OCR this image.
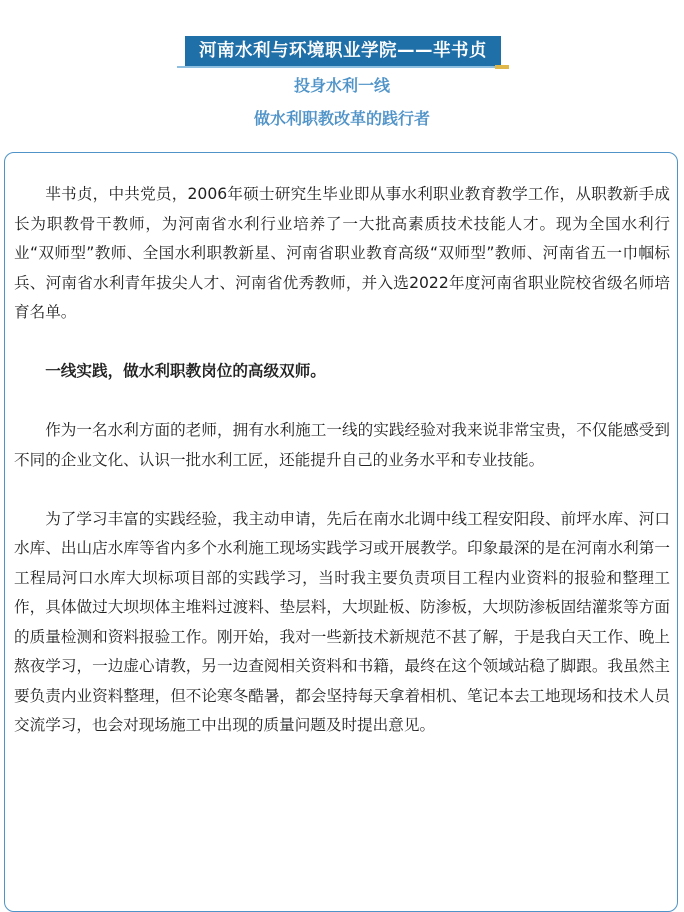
河南水利与环境职业学院——芈书贞
投身水利一线
做水利职教改革的践行者

芈书贞，中共党员，2006年硕士研究生毕业即从事水利职业教育教学工作，从职教新手成长为职教骨干教师，为河南省水利行业培养了一大批高素质技术技能人才。现为全国水利行业“双师型”教师、全国水利职教新星、河南省职业教育高级“双师型”教师、河南省五一巾帼标兵、河南省水利青年拔尖人才、河南省优秀教师，并入选2022年度河南省职业院校省级名师培育名单。

一线实践，做水利职教岗位的高级双师。

作为一名水利方面的老师，拥有水利施工一线的实践经验对我来说非常宝贵，不仅能感受到不同的企业文化、认识一批水利工匠，还能提升自己的业务水平和专业技能。

为了学习丰富的实践经验，我主动申请，先后在南水北调中线工程安阳段、前坪水库、河口水库、出山店水库等省内多个水利施工现场实践学习或开展教学。印象最深的是在河南水利第一工程局河口水库大坝标项目部的实践学习，当时我主要负责项目工程内业资料的报验和整理工作，具体做过大坝坝体主堆料过渡料、垫层料，大坝趾板、防渗板，大坝防渗板固结灌浆等方面的质量检测和资料报验工作。刚开始，我对一些新技术新规范不甚了解，于是我白天工作、晚上熬夜学习，一边虚心请教，另一边查阅相关资料和书籍，最终在这个领域站稳了脚跟。我虽然主要负责内业资料整理，但不论寒冬酷暑，都会坚持每天拿着相机、笔记本去工地现场和技术人员交流学习，也会对现场施工中出现的质量问题及时提出意见。
